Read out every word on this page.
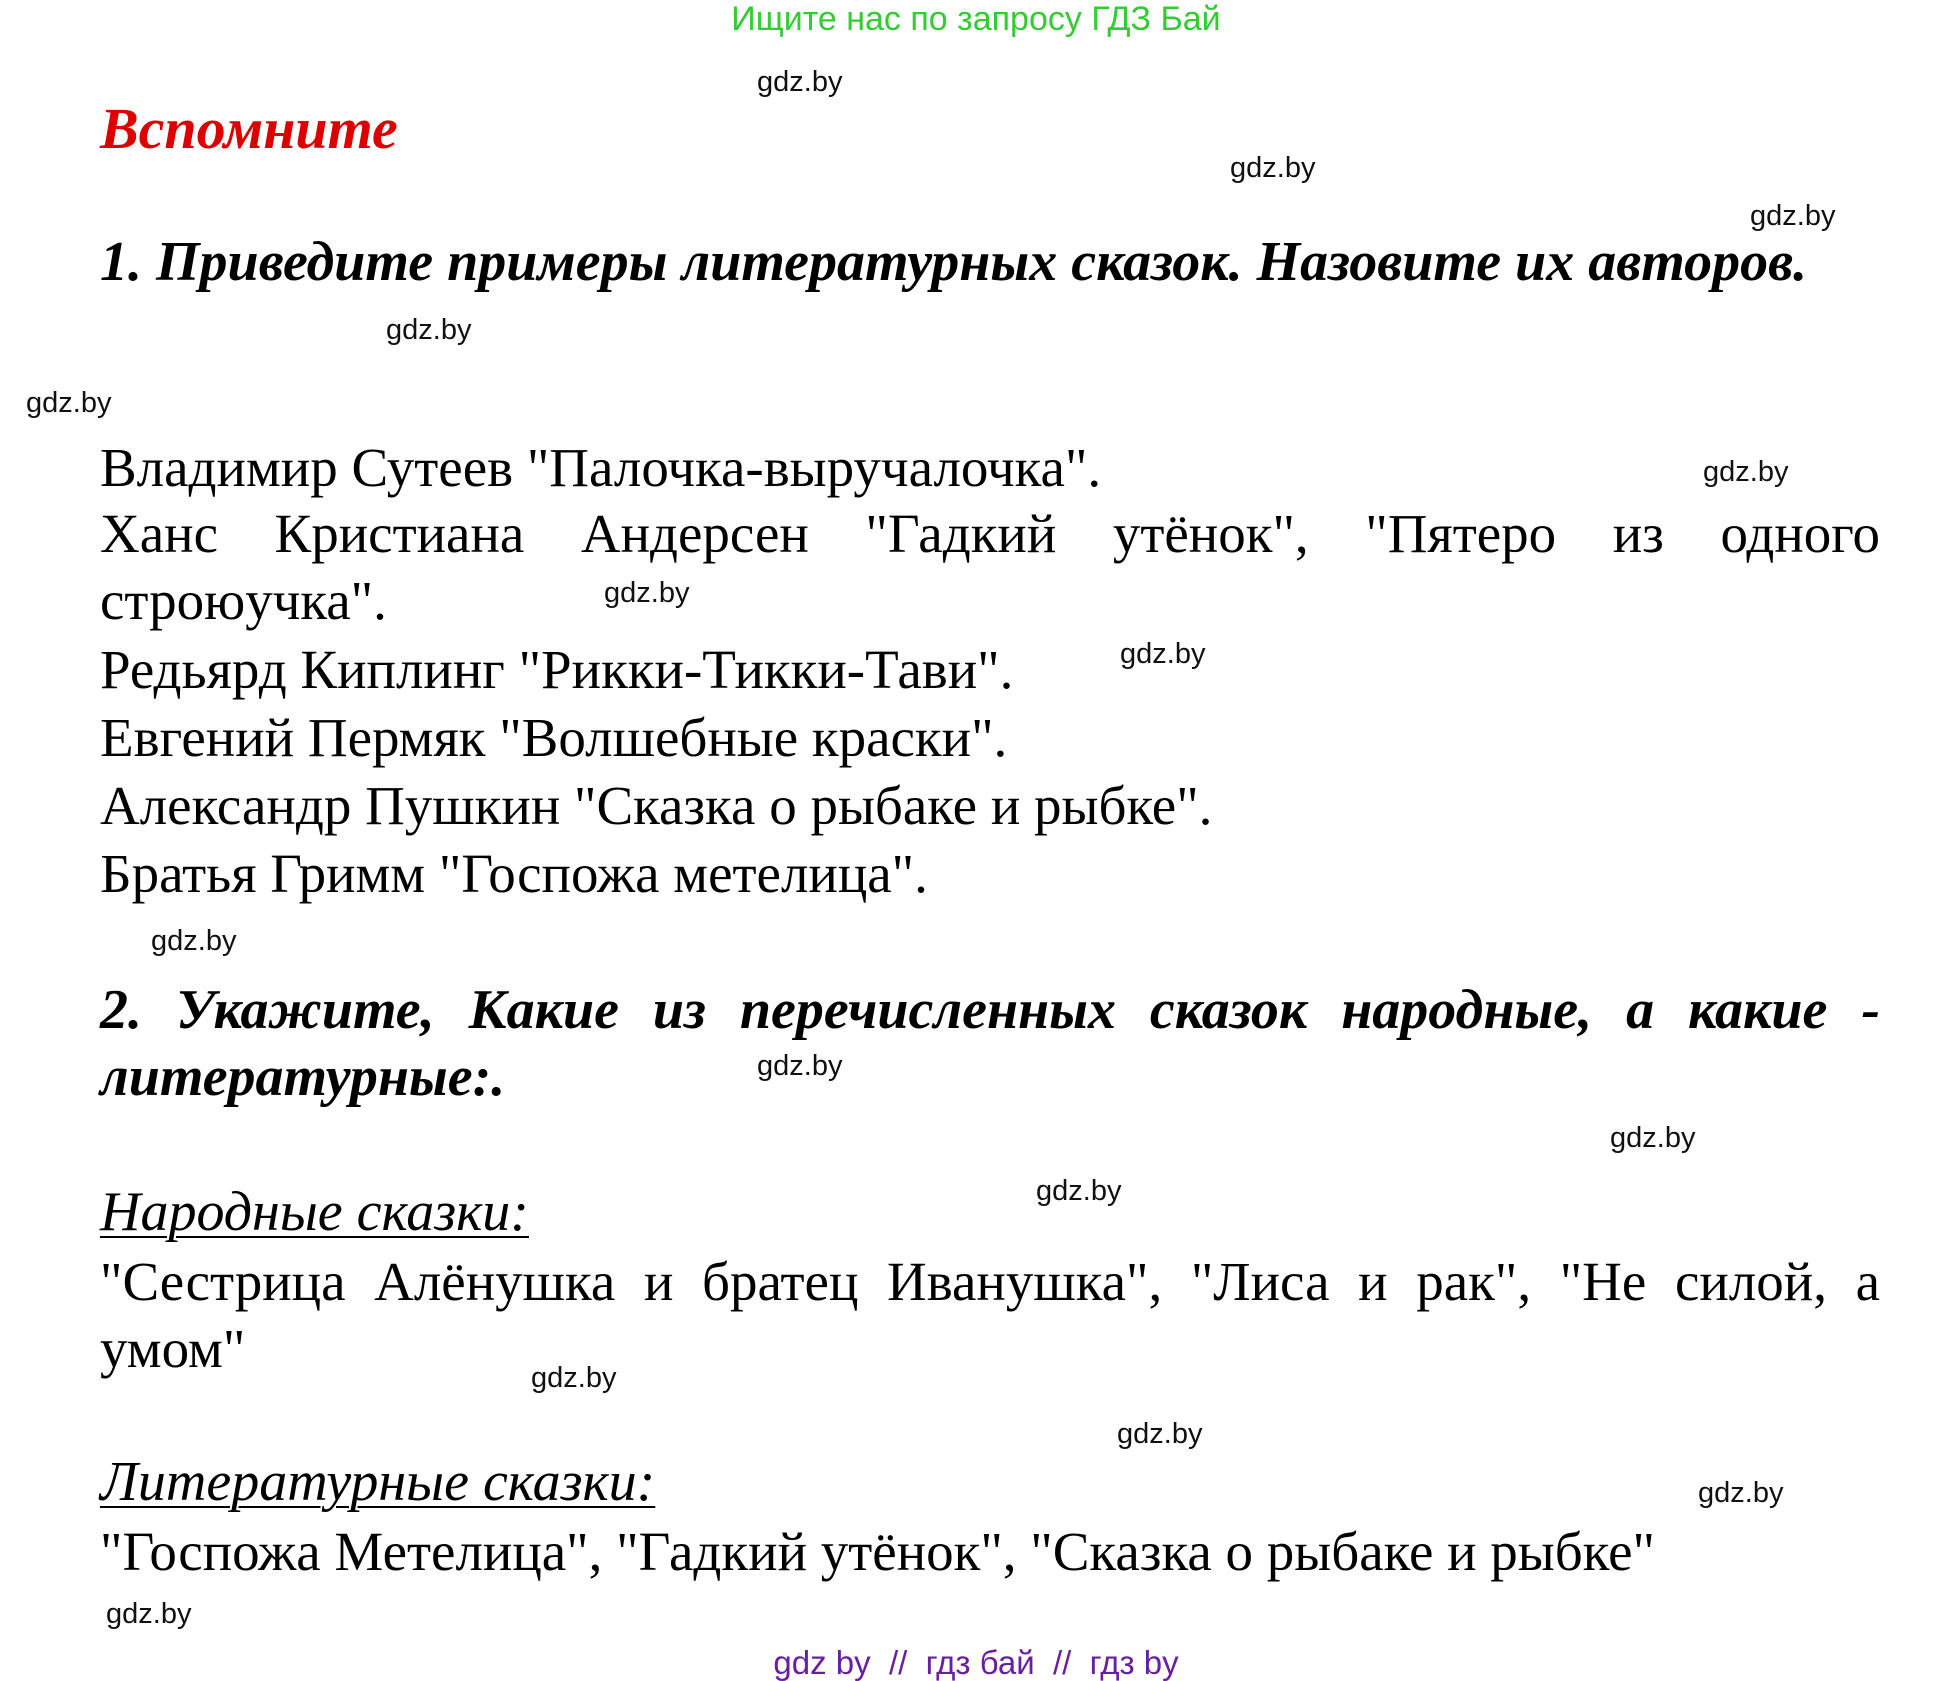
Ищите нас по запросу ГДЗ Бай
gdz.by
gdz.by
gdz.by
gdz.by
gdz.by
gdz.by
gdz.by
gdz.by
gdz.by
gdz.by
gdz.by
gdz.by
gdz.by
gdz.by
gdz.by
gdz.by
Вспомните
1. Приведите примеры литературных сказок. Назовите их авторов.
Владимир Сутеев "Палочка-выручалочка".
Ханс Кристиана Андерсен "Гадкий утёнок", "Пятеро из одного строюучка".
Редьярд Киплинг "Рикки-Тикки-Тави".
Евгений Пермяк "Волшебные краски".
Александр Пушкин "Сказка о рыбаке и рыбке".
Братья Гримм "Госпожа метелица".
2. Укажите, Какие из перечисленных сказок народные, а какие - литературные:.
Народные сказки:
"Сестрица Алёнушка и братец Иванушка", "Лиса и рак", "Не силой, а умом"
Литературные сказки:
"Госпожа Метелица", "Гадкий утёнок", "Сказка о рыбаке и рыбке"
gdz by  //  гдз бай  //  гдз by
